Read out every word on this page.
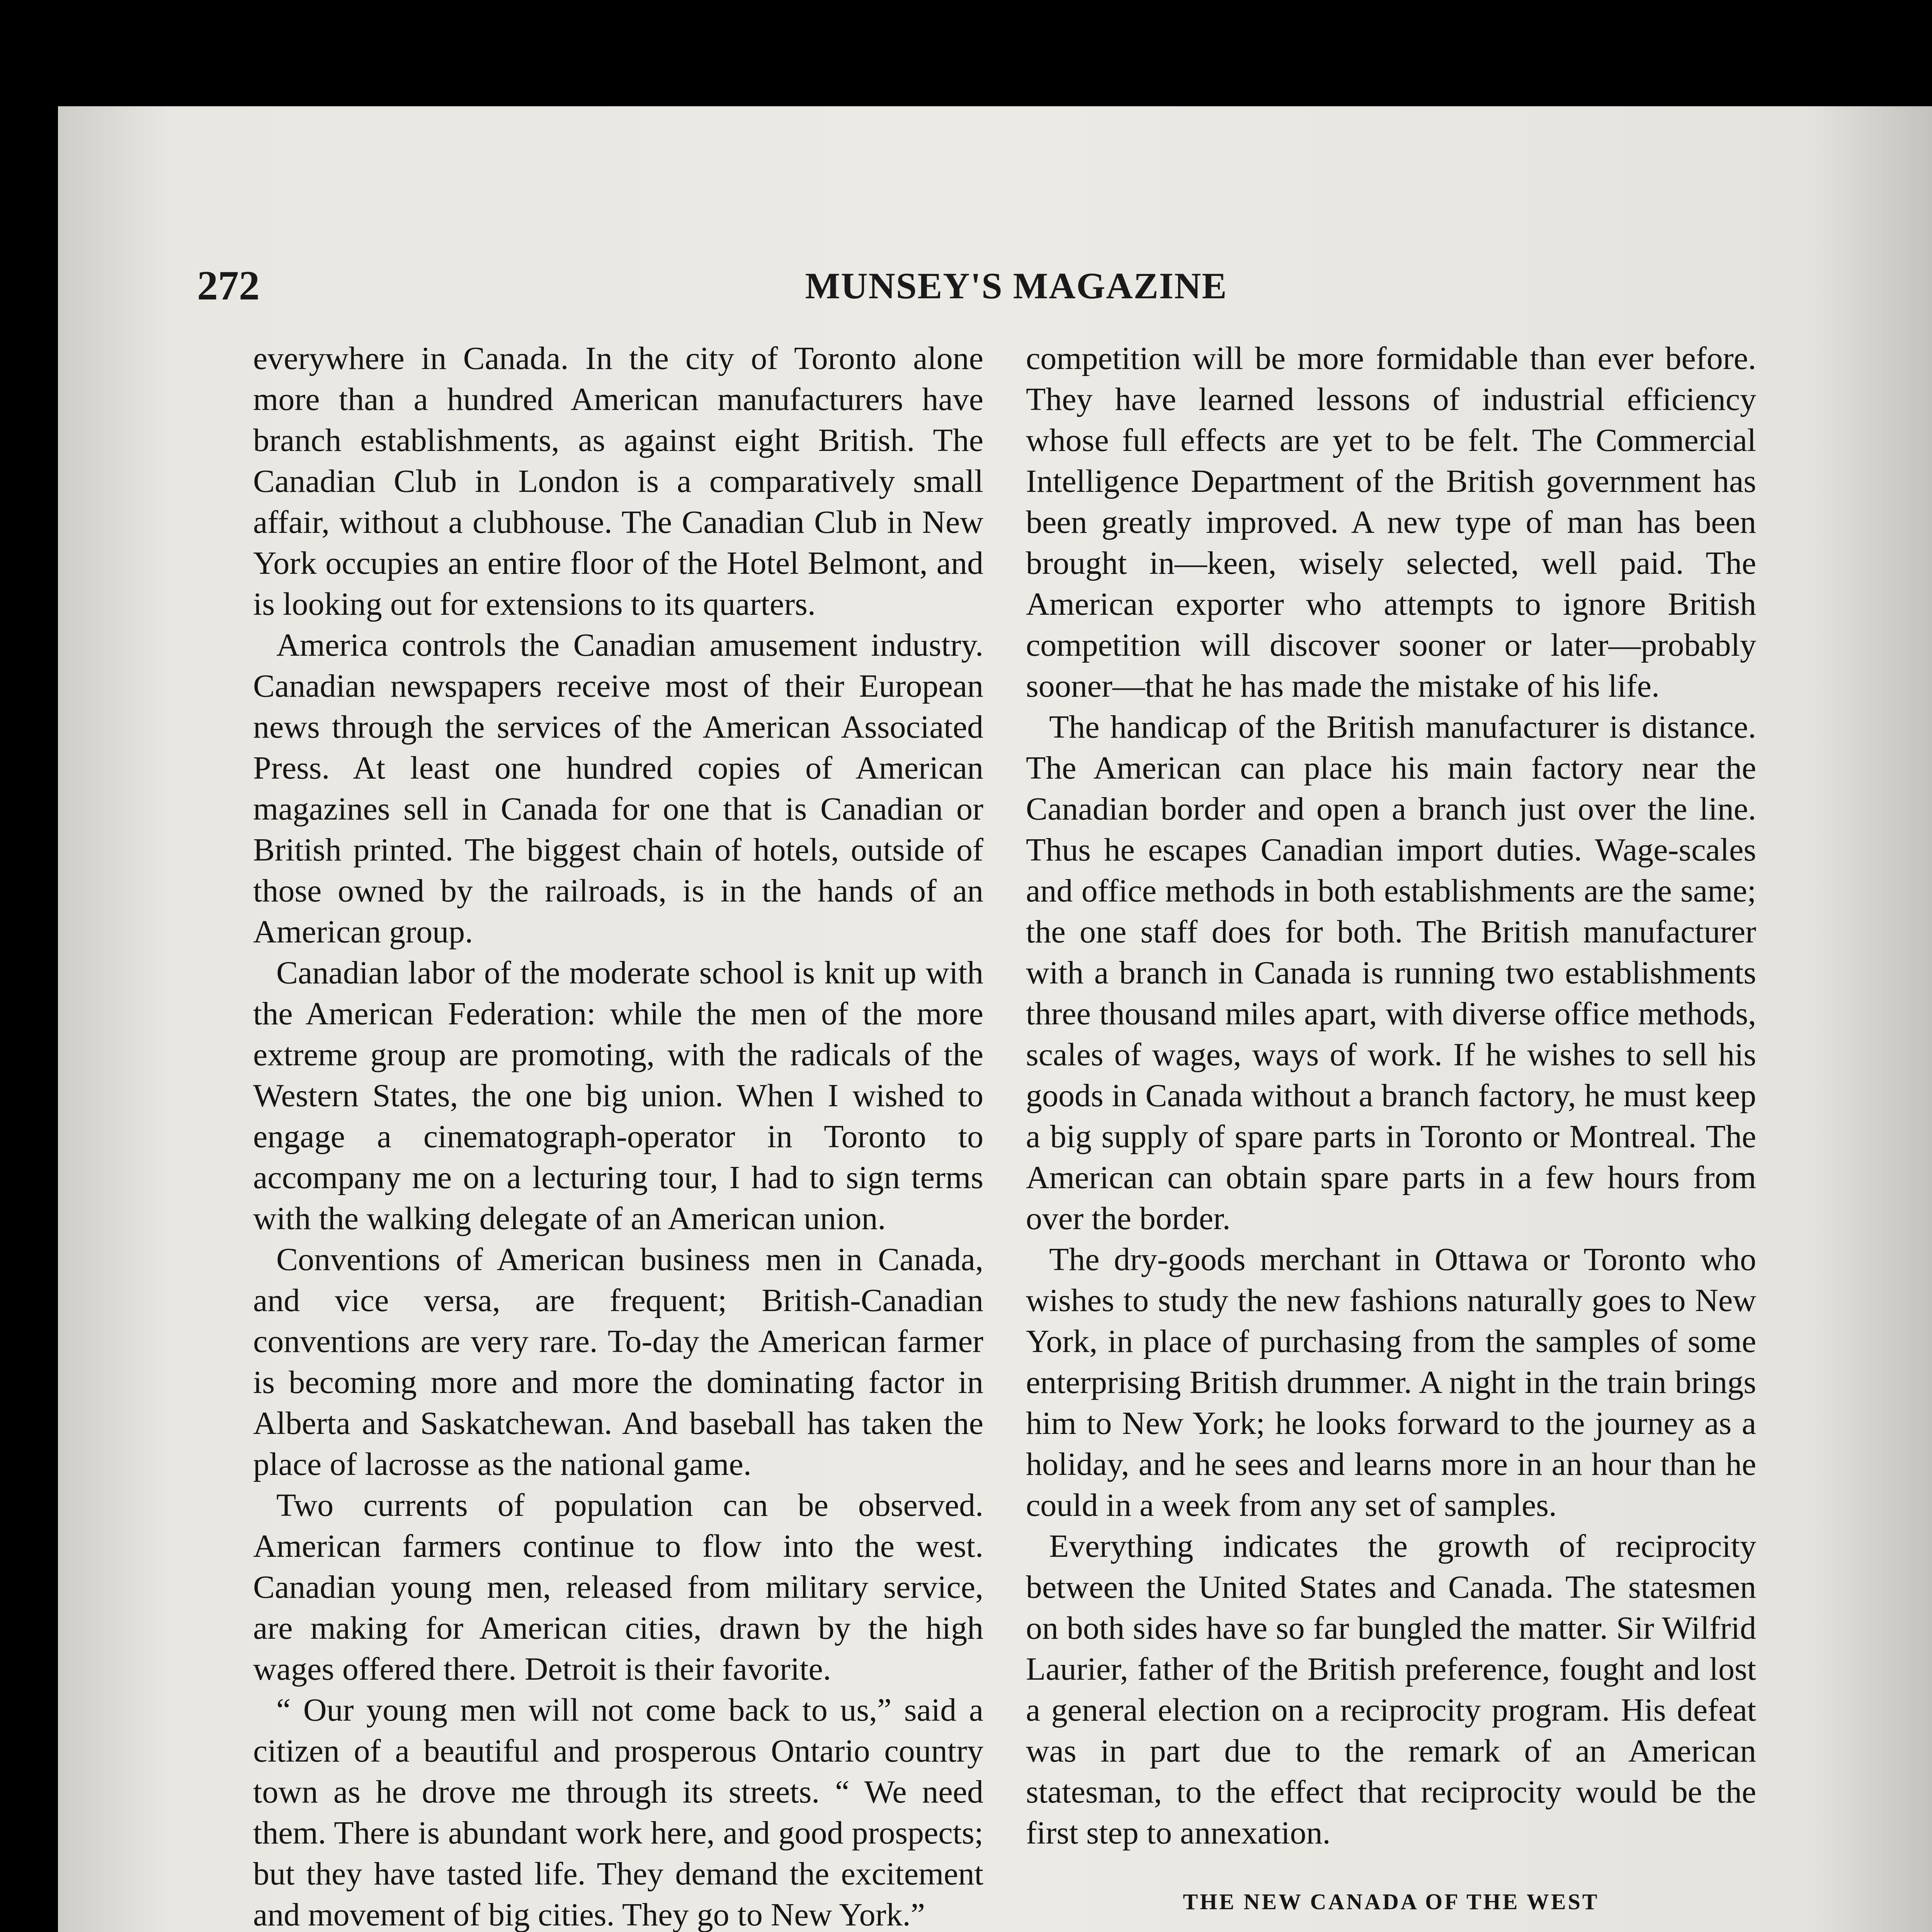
272	MUNSEY'S MAGAZINE

everywhere in Canada. In the city of Toronto alone more than a hundred American manufacturers have branch establishments, as against eight British. The Canadian Club in London is a comparatively small affair, without a clubhouse. The Canadian Club in New York occupies an entire floor of the Hotel Belmont, and is looking out for extensions to its quarters.

America controls the Canadian amusement industry. Canadian newspapers receive most of their European news through the services of the American Associated Press. At least one hundred copies of American magazines sell in Canada for one that is Canadian or British printed. The biggest chain of hotels, outside of those owned by the railroads, is in the hands of an American group.

Canadian labor of the moderate school is knit up with the American Federation: while the men of the more extreme group are promoting, with the radicals of the Western States, the one big union. When I wished to engage a cinematograph-operator in Toronto to accompany me on a lecturing tour, I had to sign terms with the walking delegate of an American union.

Conventions of American business men in Canada, and vice versa, are frequent; British-Canadian conventions are very rare. To-day the American farmer is becoming more and more the dominating factor in Alberta and Saskatchewan. And baseball has taken the place of lacrosse as the national game.

Two currents of population can be observed. American farmers continue to flow into the west. Canadian young men, released from military service, are making for American cities, drawn by the high wages offered there. Detroit is their favorite.

“ Our young men will not come back to us,” said a citizen of a beautiful and prosperous Ontario country town as he drove me through its streets. “ We need them. There is abundant work here, and good prospects; but they have tasted life. They demand the excitement and movement of big cities. They go to New York.”

competition will be more formidable than ever before. They have learned lessons of industrial efficiency whose full effects are yet to be felt. The Commercial Intelligence Department of the British government has been greatly improved. A new type of man has been brought in—keen, wisely selected, well paid. The American exporter who attempts to ignore British competition will discover sooner or later—probably sooner—that he has made the mistake of his life.

The handicap of the British manufacturer is distance. The American can place his main factory near the Canadian border and open a branch just over the line. Thus he escapes Canadian import duties. Wage-scales and office methods in both establishments are the same; the one staff does for both. The British manufacturer with a branch in Canada is running two establishments three thousand miles apart, with diverse office methods, scales of wages, ways of work. If he wishes to sell his goods in Canada without a branch factory, he must keep a big supply of spare parts in Toronto or Montreal. The American can obtain spare parts in a few hours from over the border.

The dry-goods merchant in Ottawa or Toronto who wishes to study the new fashions naturally goes to New York, in place of purchasing from the samples of some enterprising British drummer. A night in the train brings him to New York; he looks forward to the journey as a holiday, and he sees and learns more in an hour than he could in a week from any set of samples.

Everything indicates the growth of reciprocity between the United States and Canada. The statesmen on both sides have so far bungled the matter. Sir Wilfrid Laurier, father of the British preference, fought and lost a general election on a reciprocity program. His defeat was in part due to the remark of an American statesman, to the effect that reciprocity would be the first step to annexation.

THE NEW CANADA OF THE WEST
